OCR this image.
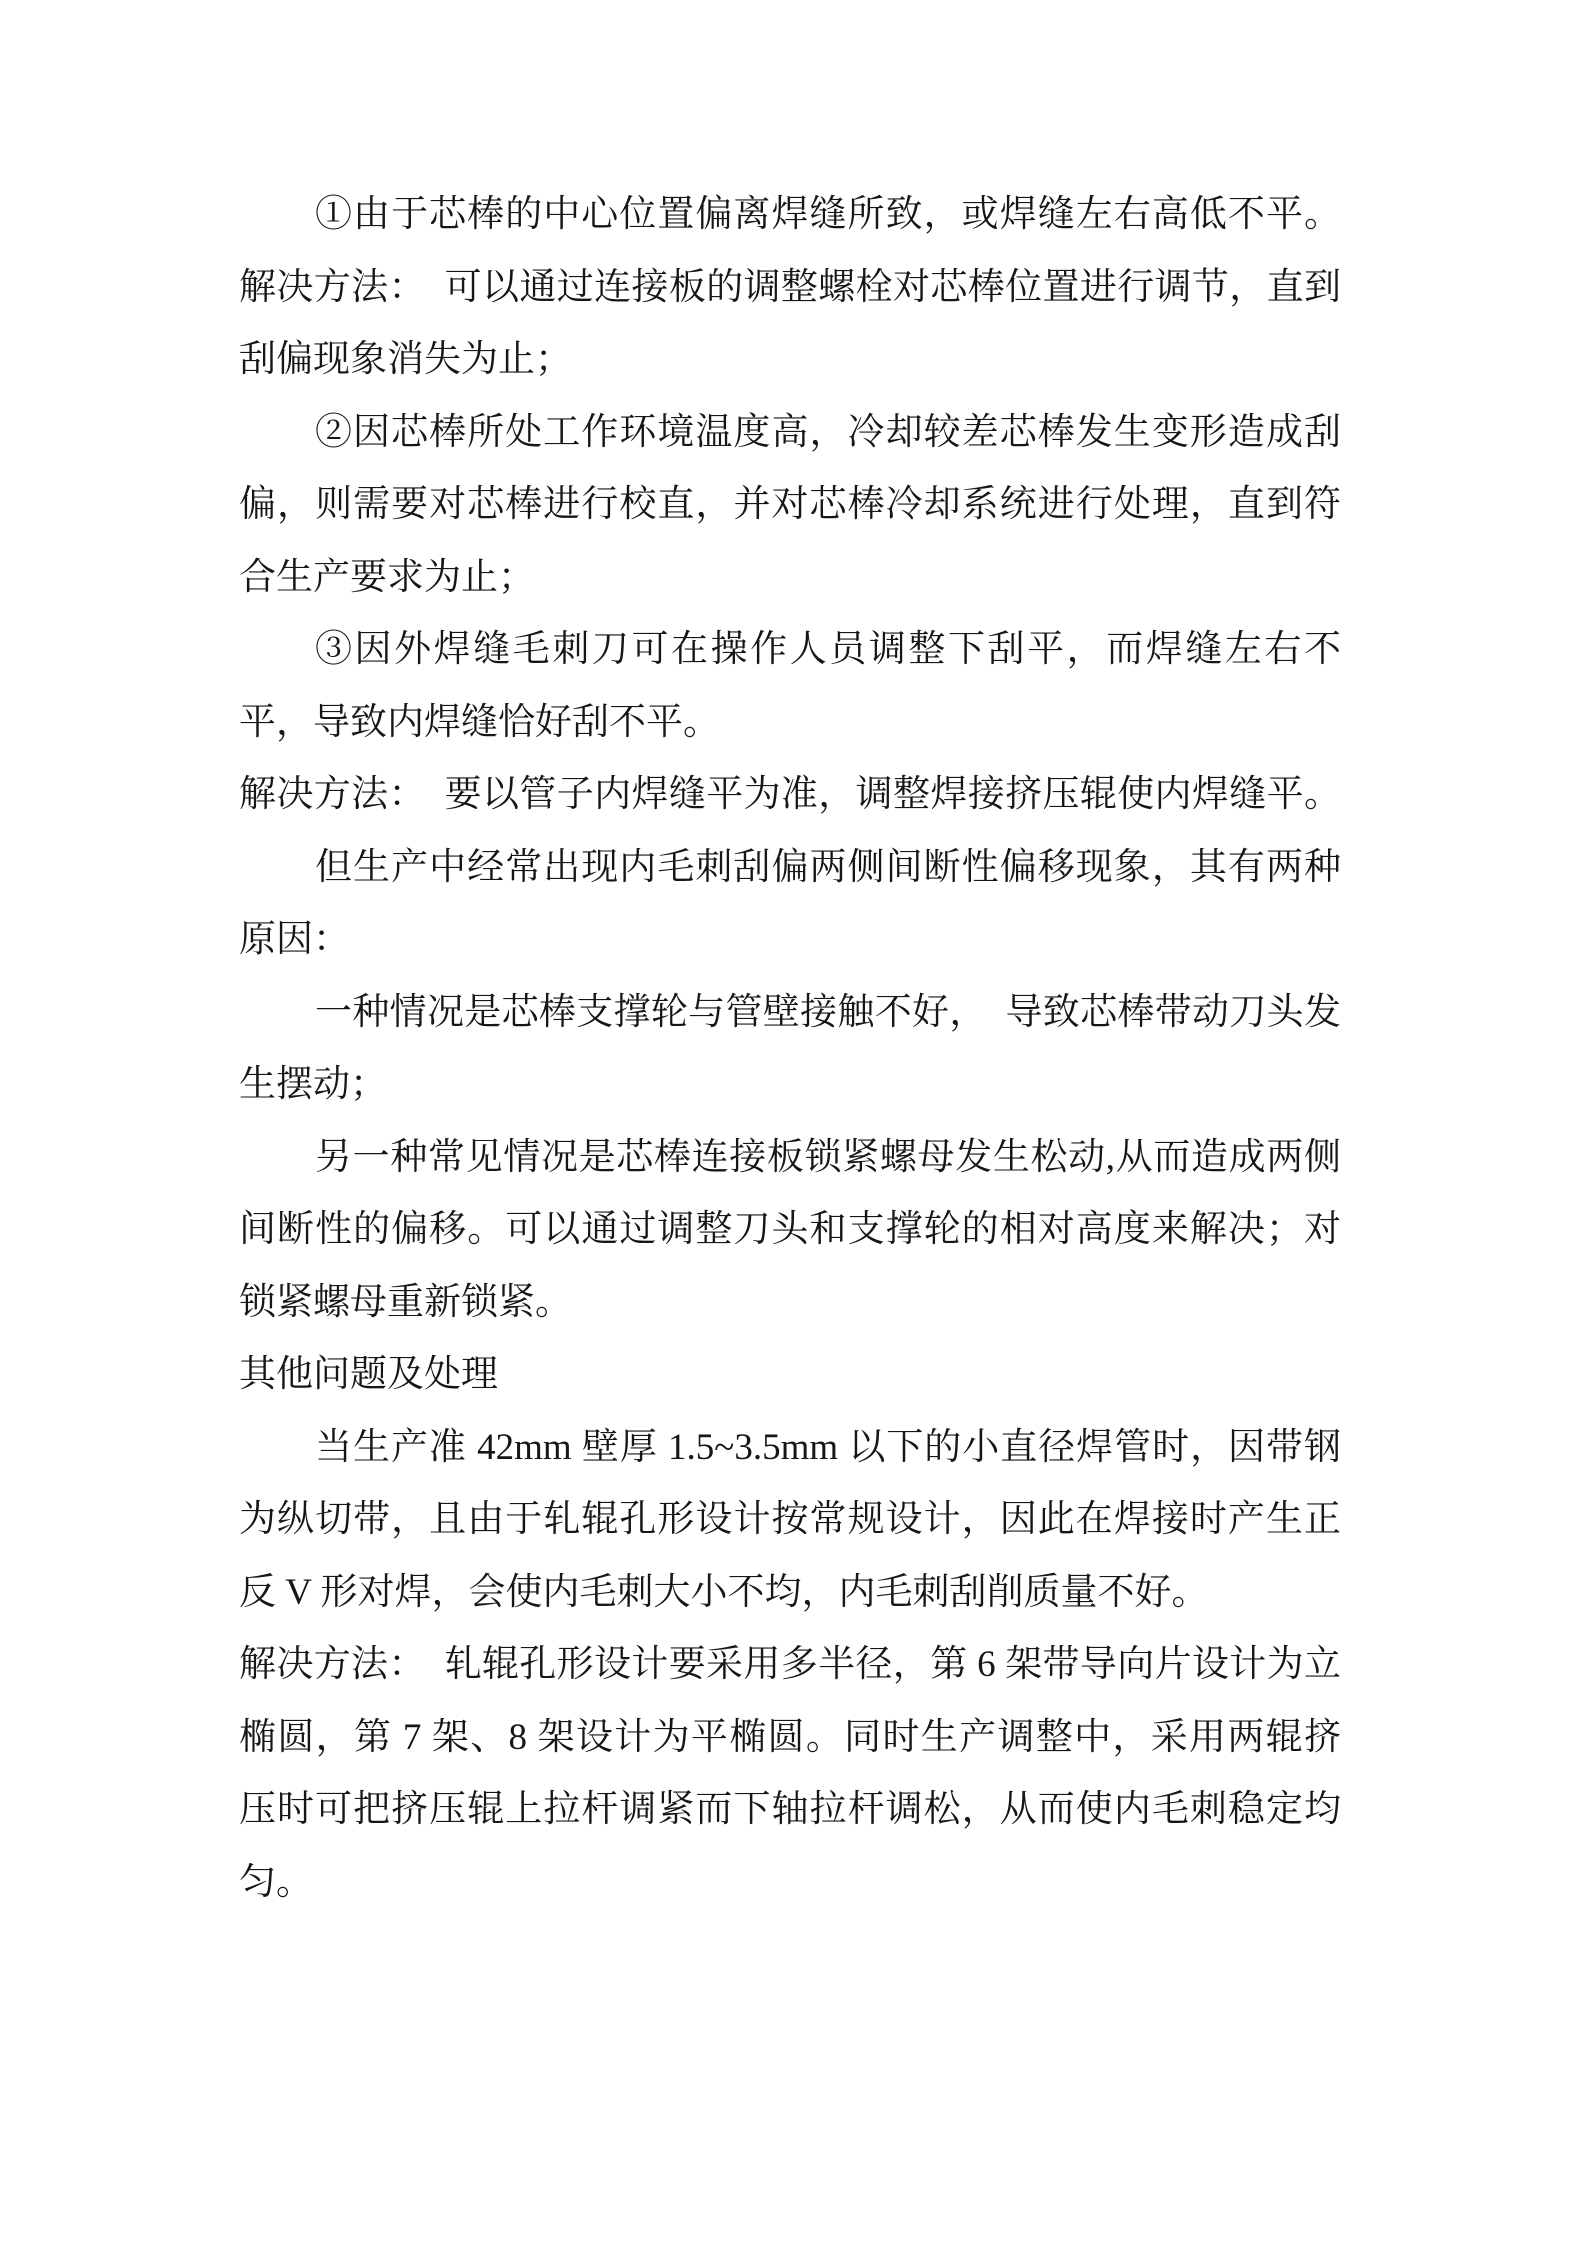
①由于芯棒的中心位置偏离焊缝所致，或焊缝左右高低不平。
解决方法：　可以通过连接板的调整螺栓对芯棒位置进行调节，直到
刮偏现象消失为止；
②因芯棒所处工作环境温度高，冷却较差芯棒发生变形造成刮
偏，则需要对芯棒进行校直，并对芯棒冷却系统进行处理，直到符
合生产要求为止；
③因外焊缝毛刺刀可在操作人员调整下刮平，而焊缝左右不
平，导致内焊缝恰好刮不平。
解决方法：　要以管子内焊缝平为准，调整焊接挤压辊使内焊缝平。
但生产中经常出现内毛刺刮偏两侧间断性偏移现象，其有两种
原因：
一种情况是芯棒支撑轮与管壁接触不好，　导致芯棒带动刀头发
生摆动；
另一种常见情况是芯棒连接板锁紧螺母发生松动,从而造成两侧
间断性的偏移。可以通过调整刀头和支撑轮的相对高度来解决；对
锁紧螺母重新锁紧。
其他问题及处理
当生产准 42mm 壁厚 1.5~3.5mm 以下的小直径焊管时，因带钢
为纵切带，且由于轧辊孔形设计按常规设计，因此在焊接时产生正
反 V 形对焊，会使内毛刺大小不均，内毛刺刮削质量不好。
解决方法：　轧辊孔形设计要采用多半径，第 6 架带导向片设计为立
椭圆，第 7 架、8 架设计为平椭圆。同时生产调整中，采用两辊挤
压时可把挤压辊上拉杆调紧而下轴拉杆调松，从而使内毛刺稳定均
匀。
